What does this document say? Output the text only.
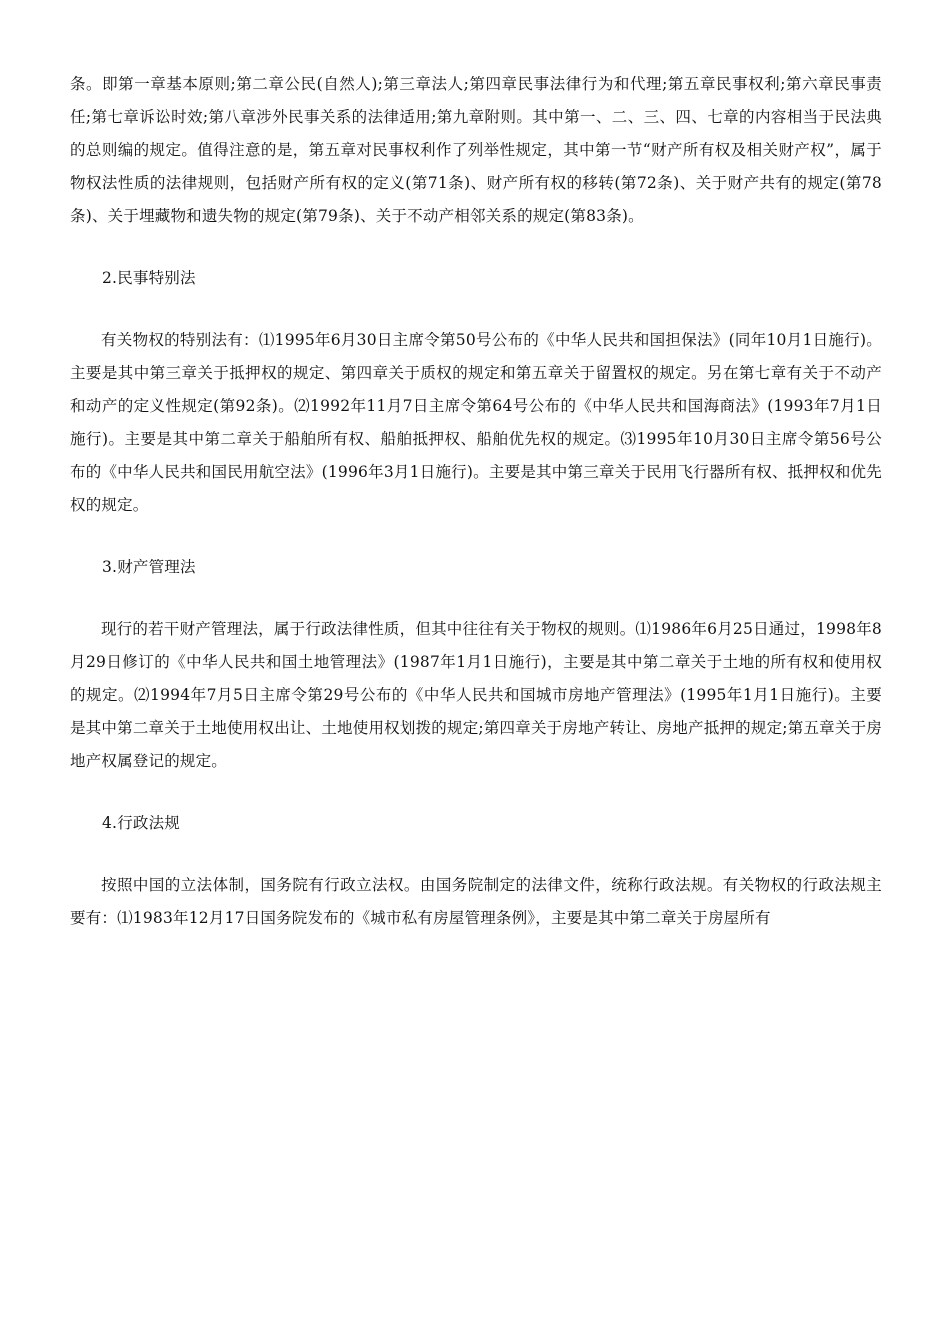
条。即第一章基本原则;第二章公民(自然人);第三章法人;第四章民事法律行为和代理;第五章民事权利;第六章民事责任;第七章诉讼时效;第八章涉外民事关系的法律适用;第九章附则。其中第一、二、三、四、七章的内容相当于民法典的总则编的规定。值得注意的是，第五章对民事权利作了列举性规定，其中第一节“财产所有权及相关财产权”，属于物权法性质的法律规则，包括财产所有权的定义(第71条)、财产所有权的移转(第72条)、关于财产共有的规定(第78条)、关于埋藏物和遗失物的规定(第79条)、关于不动产相邻关系的规定(第83条)。

2.民事特别法

有关物权的特别法有：⑴1995年6月30日主席令第50号公布的《中华人民共和国担保法》(同年10月1日施行)。主要是其中第三章关于抵押权的规定、第四章关于质权的规定和第五章关于留置权的规定。另在第七章有关于不动产和动产的定义性规定(第92条)。⑵1992年11月7日主席令第64号公布的《中华人民共和国海商法》(1993年7月1日施行)。主要是其中第二章关于船舶所有权、船舶抵押权、船舶优先权的规定。⑶1995年10月30日主席令第56号公布的《中华人民共和国民用航空法》(1996年3月1日施行)。主要是其中第三章关于民用飞行器所有权、抵押权和优先权的规定。

3.财产管理法

现行的若干财产管理法，属于行政法律性质，但其中往往有关于物权的规则。⑴1986年6月25日通过，1998年8月29日修订的《中华人民共和国土地管理法》(1987年1月1日施行)，主要是其中第二章关于土地的所有权和使用权的规定。⑵1994年7月5日主席令第29号公布的《中华人民共和国城市房地产管理法》(1995年1月1日施行)。主要是其中第二章关于土地使用权出让、土地使用权划拨的规定;第四章关于房地产转让、房地产抵押的规定;第五章关于房地产权属登记的规定。

4.行政法规

按照中国的立法体制，国务院有行政立法权。由国务院制定的法律文件，统称行政法规。有关物权的行政法规主要有：⑴1983年12月17日国务院发布的《城市私有房屋管理条例》，主要是其中第二章关于房屋所有
